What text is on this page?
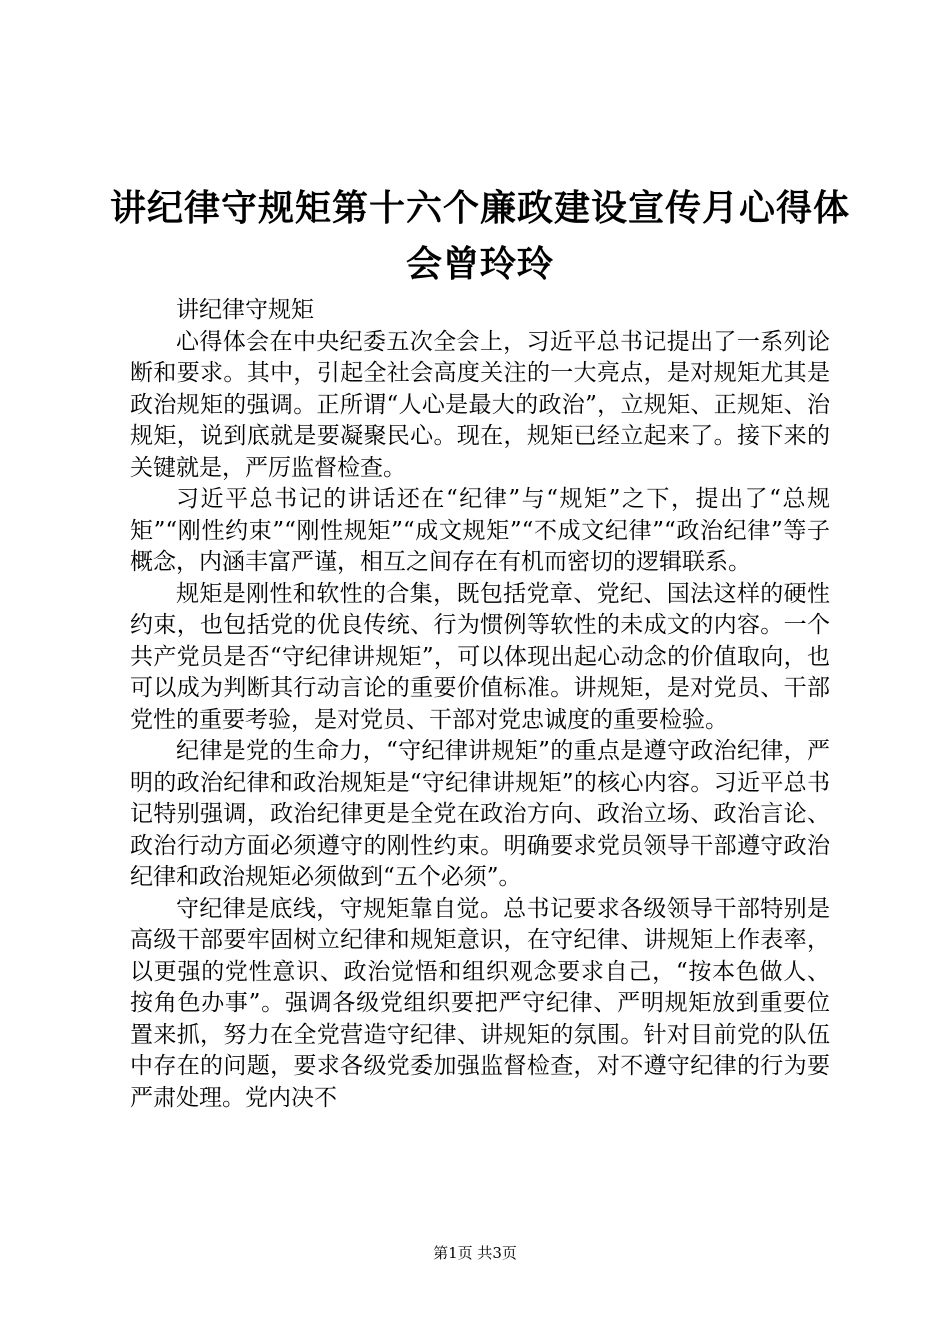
讲纪律守规矩第十六个廉政建设宣传月心得体会曾玲玲

讲纪律守规矩

心得体会在中央纪委五次全会上，习近平总书记提出了一系列论断和要求。其中，引起全社会高度关注的一大亮点，是对规矩尤其是政治规矩的强调。正所谓“人心是最大的政治”，立规矩、正规矩、治规矩，说到底就是要凝聚民心。现在，规矩已经立起来了。接下来的关键就是，严厉监督检查。

习近平总书记的讲话还在“纪律”与“规矩”之下，提出了“总规矩”“刚性约束”“刚性规矩”“成文规矩”“不成文纪律”“政治纪律”等子概念，内涵丰富严谨，相互之间存在有机而密切的逻辑联系。

规矩是刚性和软性的合集，既包括党章、党纪、国法这样的硬性约束，也包括党的优良传统、行为惯例等软性的未成文的内容。一个共产党员是否“守纪律讲规矩”，可以体现出起心动念的价值取向，也可以成为判断其行动言论的重要价值标准。讲规矩，是对党员、干部党性的重要考验，是对党员、干部对党忠诚度的重要检验。

纪律是党的生命力，“守纪律讲规矩”的重点是遵守政治纪律，严明的政治纪律和政治规矩是“守纪律讲规矩”的核心内容。习近平总书记特别强调，政治纪律更是全党在政治方向、政治立场、政治言论、政治行动方面必须遵守的刚性约束。明确要求党员领导干部遵守政治纪律和政治规矩必须做到“五个必须”。

守纪律是底线，守规矩靠自觉。总书记要求各级领导干部特别是高级干部要牢固树立纪律和规矩意识，在守纪律、讲规矩上作表率，以更强的党性意识、政治觉悟和组织观念要求自己，“按本色做人、按角色办事”。强调各级党组织要把严守纪律、严明规矩放到重要位置来抓，努力在全党营造守纪律、讲规矩的氛围。针对目前党的队伍中存在的问题，要求各级党委加强监督检查，对不遵守纪律的行为要严肃处理。党内决不

第1页 共3页
